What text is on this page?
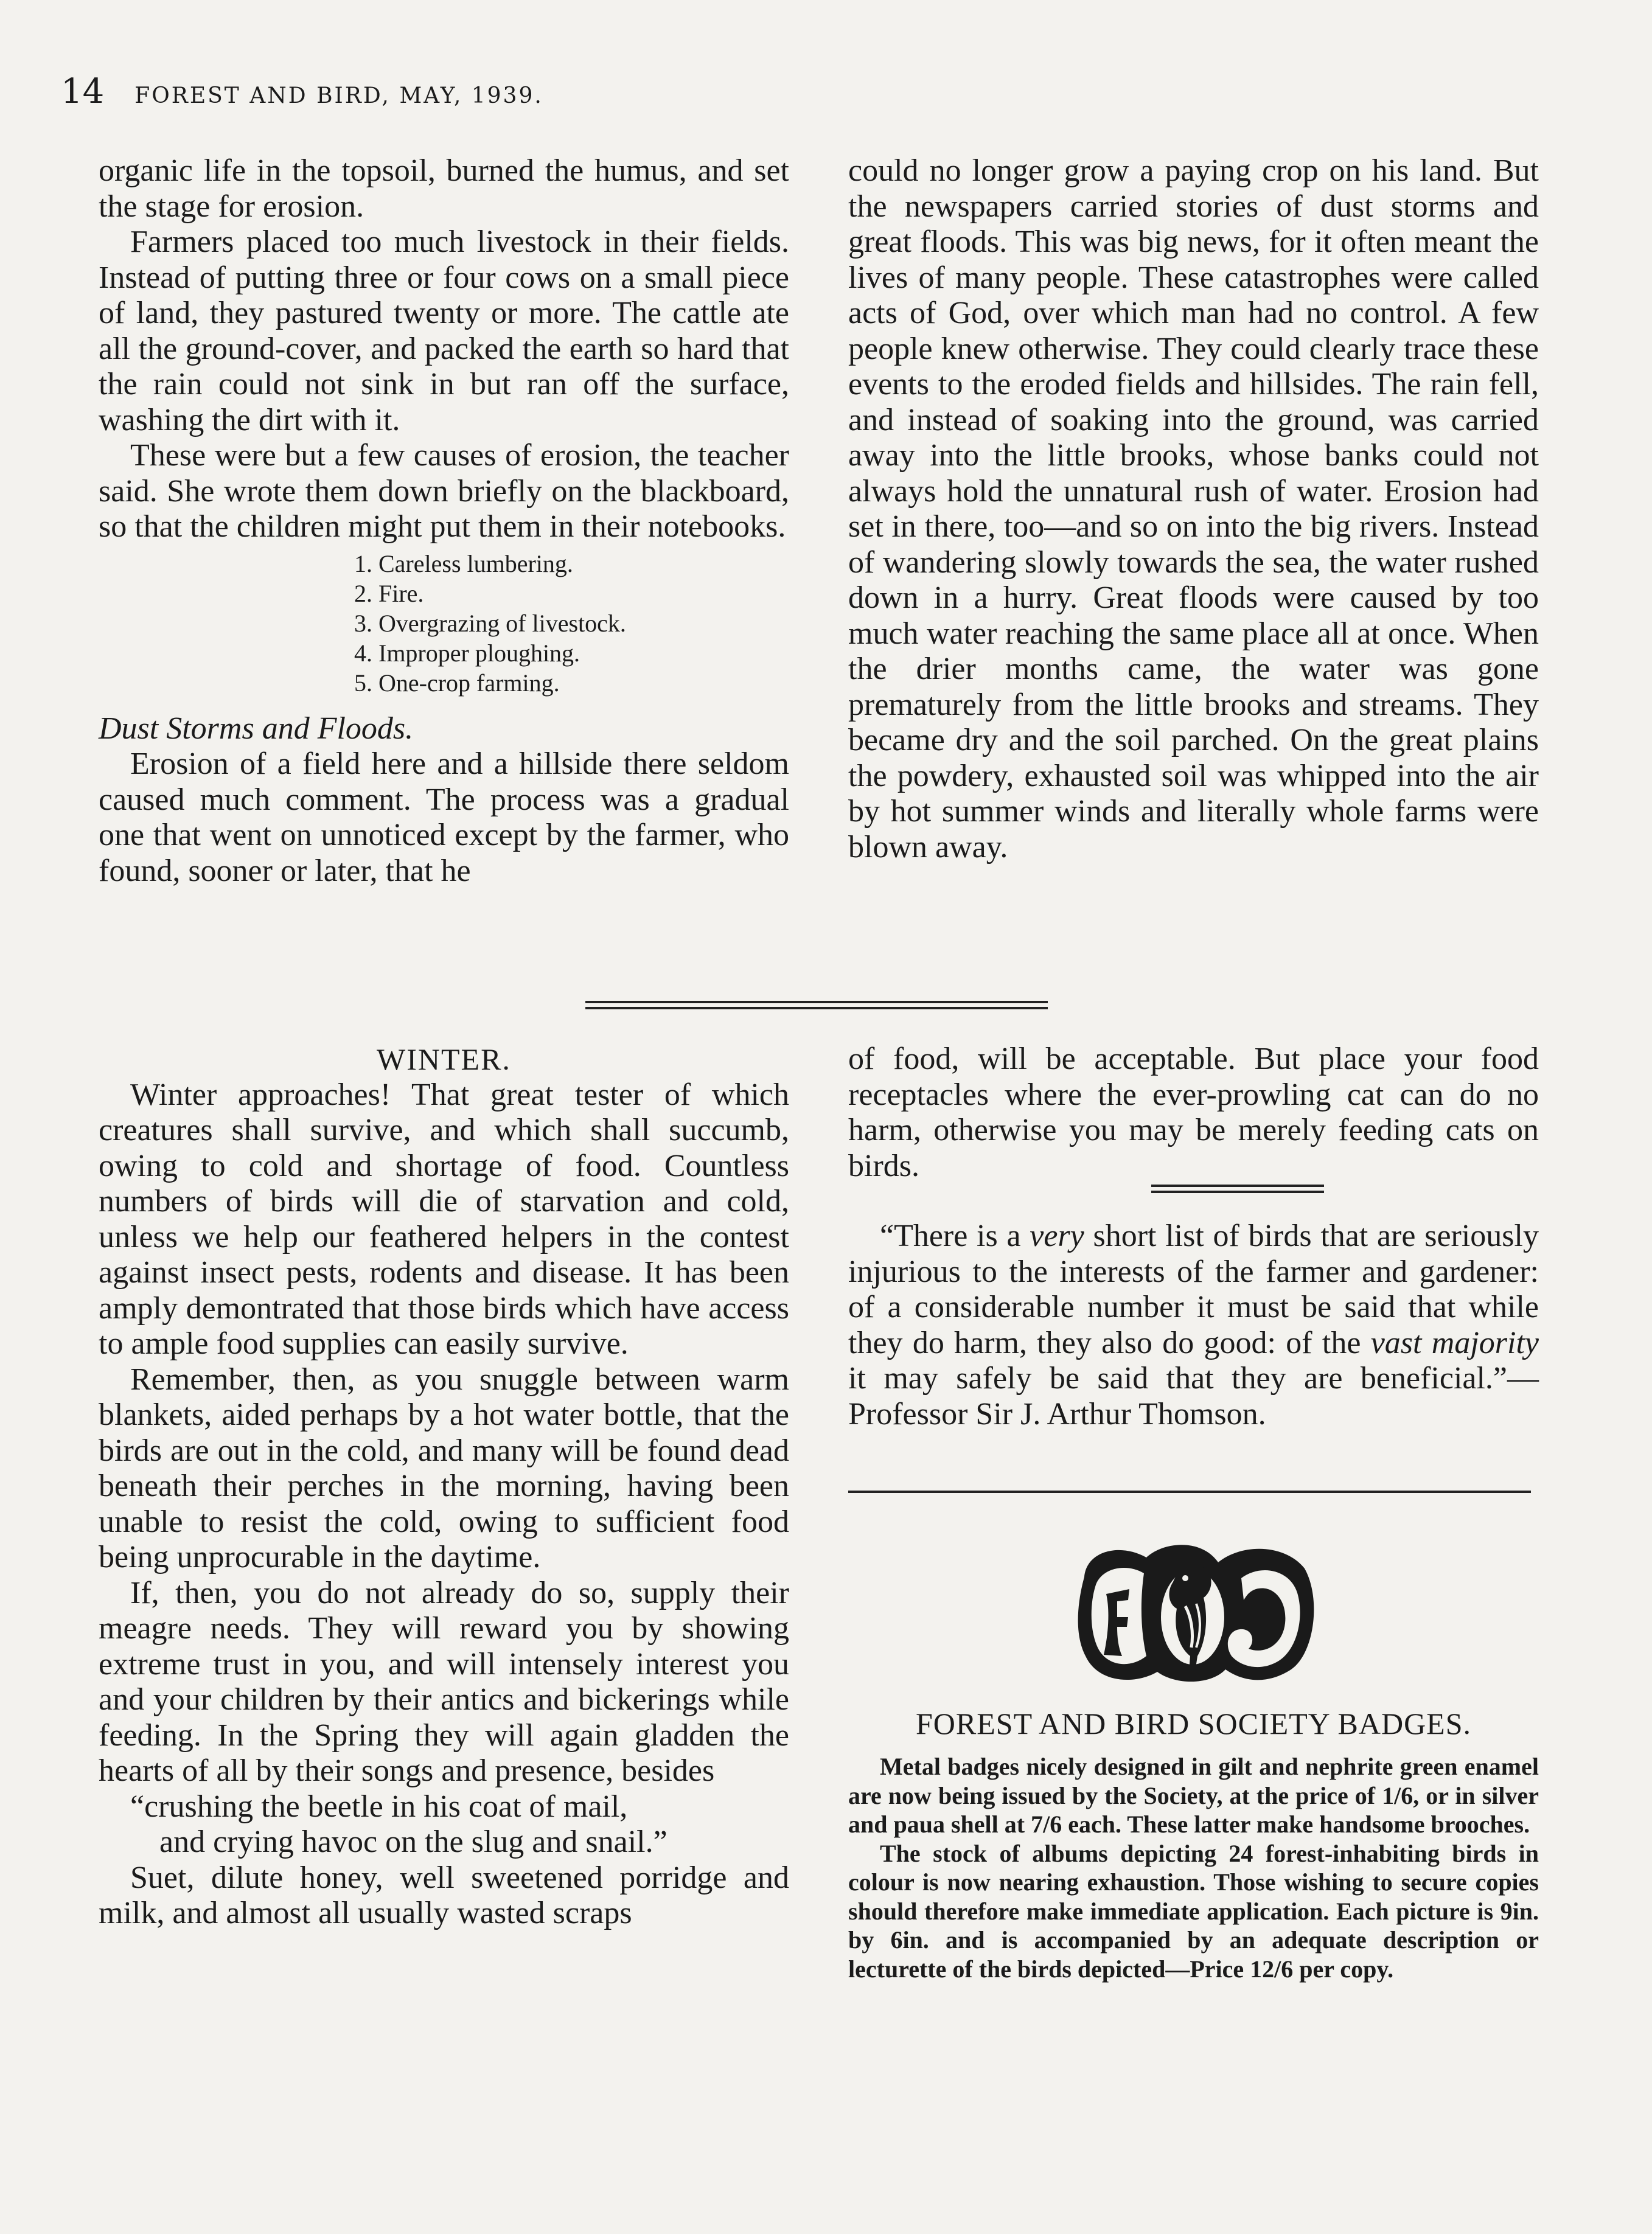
14 FOREST AND BIRD, MAY, 1939.

organic life in the topsoil, burned the humus, and set the stage for erosion.

Farmers placed too much livestock in their fields. Instead of putting three or four cows on a small piece of land, they pastured twenty or more. The cattle ate all the ground-cover, and packed the earth so hard that the rain could not sink in but ran off the surface, washing the dirt with it.

These were but a few causes of erosion, the teacher said. She wrote them down briefly on the blackboard, so that the children might put them in their notebooks.

1. Careless lumbering.
2. Fire.
3. Overgrazing of livestock.
4. Improper ploughing.
5. One-crop farming.

Dust Storms and Floods.

Erosion of a field here and a hillside there seldom caused much comment. The process was a gradual one that went on unnoticed except by the farmer, who found, sooner or later, that he

could no longer grow a paying crop on his land. But the newspapers carried stories of dust storms and great floods. This was big news, for it often meant the lives of many people. These catastrophes were called acts of God, over which man had no control. A few people knew otherwise. They could clearly trace these events to the eroded fields and hillsides. The rain fell, and instead of soaking into the ground, was carried away into the little brooks, whose banks could not always hold the unnatural rush of water. Erosion had set in there, too—and so on into the big rivers. Instead of wandering slowly towards the sea, the water rushed down in a hurry. Great floods were caused by too much water reaching the same place all at once. When the drier months came, the water was gone prematurely from the little brooks and streams. They became dry and the soil parched. On the great plains the powdery, exhausted soil was whipped into the air by hot summer winds and literally whole farms were blown away.

WINTER.

Winter approaches! That great tester of which creatures shall survive, and which shall succumb, owing to cold and shortage of food. Countless numbers of birds will die of starvation and cold, unless we help our feathered helpers in the contest against insect pests, rodents and disease. It has been amply demontrated that those birds which have access to ample food supplies can easily survive.

Remember, then, as you snuggle between warm blankets, aided perhaps by a hot water bottle, that the birds are out in the cold, and many will be found dead beneath their perches in the morning, having been unable to resist the cold, owing to sufficient food being unprocurable in the daytime.

If, then, you do not already do so, supply their meagre needs. They will reward you by showing extreme trust in you, and will intensely interest you and your children by their antics and bickerings while feeding. In the Spring they will again gladden the hearts of all by their songs and presence, besides

“crushing the beetle in his coat of mail,

and crying havoc on the slug and snail.”

Suet, dilute honey, well sweetened porridge and milk, and almost all usually wasted scraps

of food, will be acceptable. But place your food receptacles where the ever-prowling cat can do no harm, otherwise you may be merely feeding cats on birds.

“There is a very short list of birds that are seriously injurious to the interests of the farmer and gardener: of a considerable number it must be said that while they do harm, they also do good: of the vast majority it may safely be said that they are beneficial.”—Professor Sir J. Arthur Thomson.

FOREST AND BIRD SOCIETY BADGES.

Metal badges nicely designed in gilt and nephrite green enamel are now being issued by the Society, at the price of 1/6, or in silver and paua shell at 7/6 each. These latter make handsome brooches.

The stock of albums depicting 24 forest-inhabiting birds in colour is now nearing exhaustion. Those wishing to secure copies should therefore make immediate application. Each picture is 9in. by 6in. and is accompanied by an adequate description or lecturette of the birds depicted—Price 12/6 per copy.
